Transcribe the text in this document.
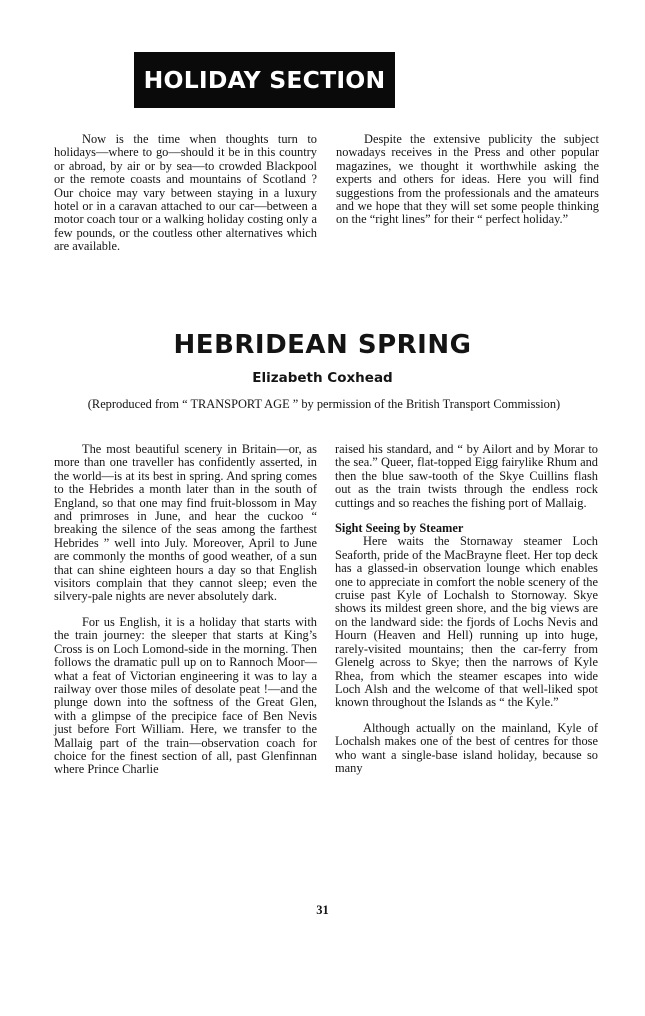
HOLIDAY SECTION

Now is the time when thoughts turn to holidays—where to go—should it be in this country or abroad, by air or by sea—to crowded Blackpool or the remote coasts and mountains of Scotland ? Our choice may vary between staying in a luxury hotel or in a caravan attached to our car—between a motor coach tour or a walking holiday costing only a few pounds, or the coutless other alternatives which are available.

Despite the extensive publicity the subject nowadays receives in the Press and other popular magazines, we thought it worthwhile asking the experts and others for ideas. Here you will find suggestions from the professionals and the amateurs and we hope that they will set some people thinking on the “right lines” for their “ perfect holiday.”

HEBRIDEAN SPRING
Elizabeth Coxhead
(Reproduced from “ TRANSPORT AGE ” by permission of the British Transport Commission)

The most beautiful scenery in Britain—or, as more than one traveller has confidently asserted, in the world—is at its best in spring. And spring comes to the Hebrides a month later than in the south of England, so that one may find fruit-blossom in May and primroses in June, and hear the cuckoo “ breaking the silence of the seas among the farthest Hebrides ” well into July. Moreover, April to June are commonly the months of good weather, of a sun that can shine eighteen hours a day so that English visitors complain that they cannot sleep; even the silvery-pale nights are never absolutely dark.

For us English, it is a holiday that starts with the train journey: the sleeper that starts at King’s Cross is on Loch Lomond-side in the morning. Then follows the dramatic pull up on to Rannoch Moor—what a feat of Victorian engineering it was to lay a railway over those miles of desolate peat !—and the plunge down into the softness of the Great Glen, with a glimpse of the precipice face of Ben Nevis just before Fort William. Here, we transfer to the Mallaig part of the train—observation coach for choice for the finest section of all, past Glenfinnan where Prince Charlie

raised his standard, and “ by Ailort and by Morar to the sea.” Queer, flat-topped Eigg fairylike Rhum and then the blue saw-tooth of the Skye Cuillins flash out as the train twists through the endless rock cuttings and so reaches the fishing port of Mallaig.

Sight Seeing by Steamer

Here waits the Stornaway steamer Loch Seaforth, pride of the MacBrayne fleet. Her top deck has a glassed-in observation lounge which enables one to appreciate in comfort the noble scenery of the cruise past Kyle of Lochalsh to Stornoway. Skye shows its mildest green shore, and the big views are on the landward side: the fjords of Lochs Nevis and Hourn (Heaven and Hell) running up into huge, rarely-visited mountains; then the car-ferry from Glenelg across to Skye; then the narrows of Kyle Rhea, from which the steamer escapes into wide Loch Alsh and the welcome of that well-liked spot known throughout the Islands as “ the Kyle.”

Although actually on the mainland, Kyle of Lochalsh makes one of the best of centres for those who want a single-base island holiday, because so many

31
